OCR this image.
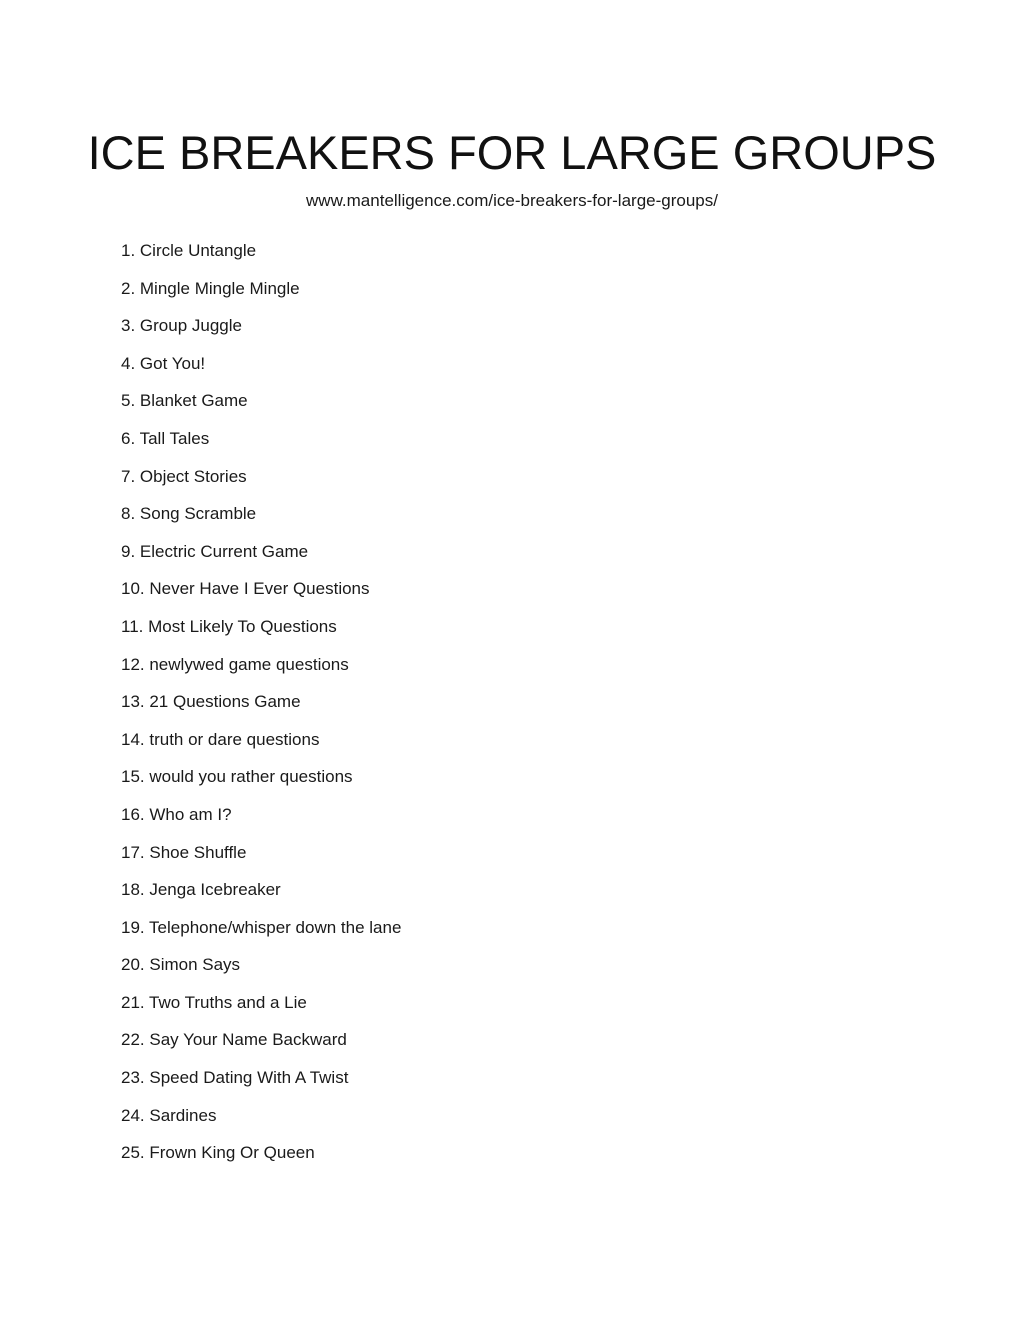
ICE BREAKERS FOR LARGE GROUPS
www.mantelligence.com/ice-breakers-for-large-groups/
1. Circle Untangle
2. Mingle Mingle Mingle
3. Group Juggle
4. Got You!
5. Blanket Game
6. Tall Tales
7. Object Stories
8. Song Scramble
9. Electric Current Game
10. Never Have I Ever Questions
11. Most Likely To Questions
12. newlywed game questions
13. 21 Questions Game
14. truth or dare questions
15. would you rather questions
16. Who am I?
17. Shoe Shuffle
18. Jenga Icebreaker
19. Telephone/whisper down the lane
20. Simon Says
21. Two Truths and a Lie
22. Say Your Name Backward
23. Speed Dating With A Twist
24. Sardines
25. Frown King Or Queen
